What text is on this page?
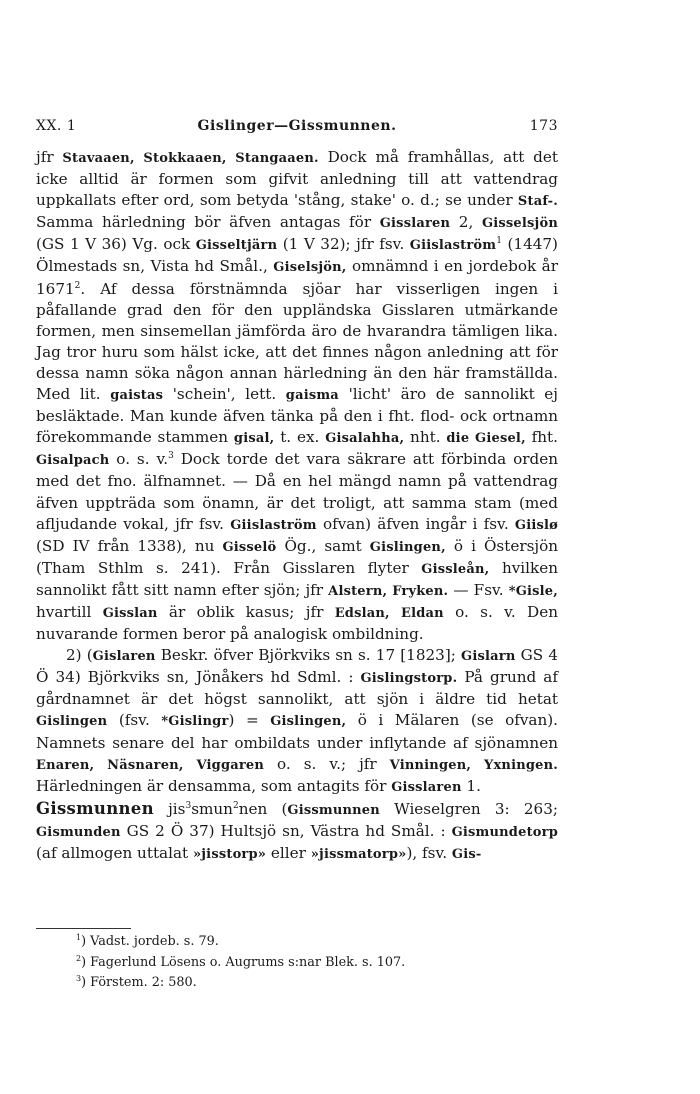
XX. 1	Gislinger—Gissmunnen.	173

jfr Stavaaen, Stokkaaen, Stangaaen. Dock må framhållas, att det icke alltid är formen som gifvit anledning till att vattendrag uppkallats efter ord, som betyda 'stång, stake' o. d.; se under Staf-. Samma härledning bör äfven antagas för Gisslaren 2, Gisselsjön (GS 1 V 36) Vg. ock Gisseltjärn (1 V 32); jfr fsv. Giislaström$^1$ (1447) Ölmestads sn, Vista hd Smål., Giselsjön, omnämnd i en jordebok år 1671$^2$. Af dessa förstnämnda sjöar har visserligen ingen i påfallande grad den för den uppländska Gisslaren utmärkande formen, men sinsemellan jämförda äro de hvarandra tämligen lika. Jag tror huru som hälst icke, att det finnes någon anledning att för dessa namn söka någon annan härledning än den här framställda. Med lit. gaistas 'schein', lett. gaisma 'licht' äro de sannolikt ej besläktade. Man kunde äfven tänka på den i fht. flod- ock ortnamn förekommande stammen gisal, t. ex. Gisalahha, nht. die Giesel, fht. Gisalpach o. s. v.$^3$ Dock torde det vara säkrare att förbinda orden med det fno. älfnamnet. — Då en hel mängd namn på vattendrag äfven uppträda som önamn, är det troligt, att samma stam (med afljudande vokal, jfr fsv. Giislaström ofvan) äfven ingår i fsv. Giislø (SD IV från 1338), nu Gisselö Ög., samt Gislingen, ö i Östersjön (Tham Sthlm s. 241). Från Gisslaren flyter Gissleån, hvilken sannolikt fått sitt namn efter sjön; jfr Alstern, Fryken. — Fsv. *Gisle, hvartill Gisslan är oblik kasus; jfr Edslan, Eldan o. s. v. Den nuvarande formen beror på analogisk ombildning.

2) (Gislaren Beskr. öfver Björkviks sn s. 17 [1823]; Gislarn GS 4 Ö 34) Björkviks sn, Jönåkers hd Sdml. : Gislingstorp. På grund af gårdnamnet är det högst sannolikt, att sjön i äldre tid hetat Gislingen (fsv. *Gislingr) = Gislingen, ö i Mälaren (se ofvan). Namnets senare del har ombildats under inflytande af sjönamnen Enaren, Näsnaren, Viggaren o. s. v.; jfr Vinningen, Yxningen. Härledningen är densamma, som antagits för Gisslaren 1.

Gissmunnen jis$^3$smun$^2$nen (Gissmunnen Wieselgren 3: 263; Gismunden GS 2 Ö 37) Hultsjö sn, Västra hd Smål. : Gismundetorp (af allmogen uttalat »jisstorp» eller »jissmatorp»), fsv. Gis-

$^1$) Vadst. jordeb. s. 79.
$^2$) Fagerlund Lösens o. Augrums s:nar Blek. s. 107.
$^3$) Förstem. 2: 580.
